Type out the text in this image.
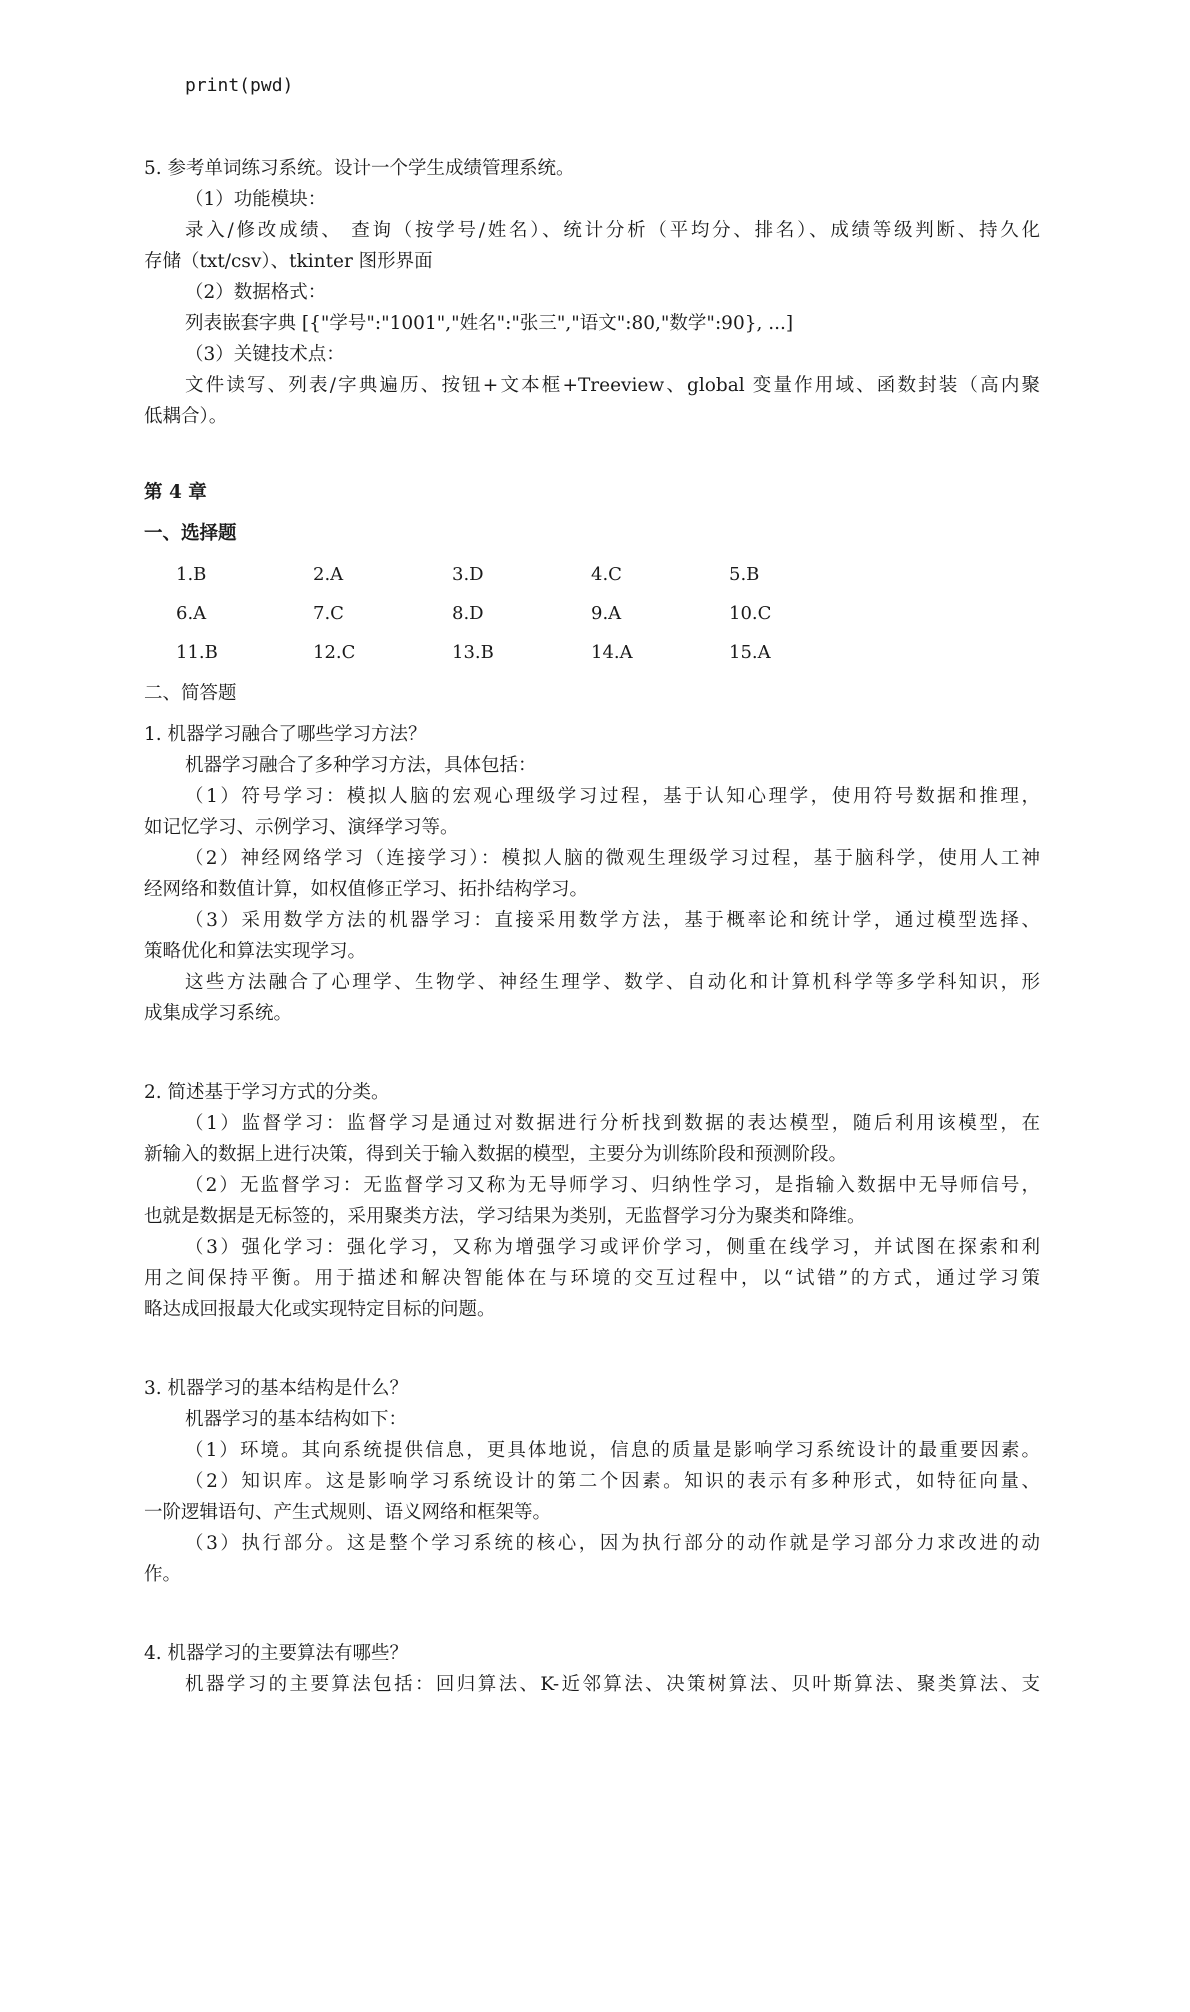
print(pwd)
5. 参考单词练习系统。设计一个学生成绩管理系统。
（1）功能模块：
录入/修改成绩、 查询（按学号/姓名）、统计分析（平均分、排名）、成绩等级判断、持久化
存储（txt/csv）、tkinter 图形界面
（2）数据格式：
列表嵌套字典 [{"学号":"1001","姓名":"张三","语文":80,"数学":90}, ...]
（3）关键技术点：
文件读写、列表/字典遍历、按钮+文本框+Treeview、global 变量作用域、函数封装（高内聚
低耦合）。
第 4 章
一、选择题
1.B	2.A	3.D	4.C	5.B
6.A	7.C	8.D	9.A	10.C
11.B	12.C	13.B	14.A	15.A
二、简答题
1. 机器学习融合了哪些学习方法？
机器学习融合了多种学习方法，具体包括：
（1）符号学习：模拟人脑的宏观心理级学习过程，基于认知心理学，使用符号数据和推理，
如记忆学习、示例学习、演绎学习等。
（2）神经网络学习（连接学习）：模拟人脑的微观生理级学习过程，基于脑科学，使用人工神
经网络和数值计算，如权值修正学习、拓扑结构学习。
（3）采用数学方法的机器学习：直接采用数学方法，基于概率论和统计学，通过模型选择、
策略优化和算法实现学习。
这些方法融合了心理学、生物学、神经生理学、数学、自动化和计算机科学等多学科知识，形
成集成学习系统。
2. 简述基于学习方式的分类。
（1）监督学习：监督学习是通过对数据进行分析找到数据的表达模型，随后利用该模型，在
新输入的数据上进行决策，得到关于输入数据的模型，主要分为训练阶段和预测阶段。
（2）无监督学习：无监督学习又称为无导师学习、归纳性学习，是指输入数据中无导师信号，
也就是数据是无标签的，采用聚类方法，学习结果为类别，无监督学习分为聚类和降维。
（3）强化学习：强化学习，又称为增强学习或评价学习，侧重在线学习，并试图在探索和利
用之间保持平衡。用于描述和解决智能体在与环境的交互过程中，以“试错”的方式，通过学习策
略达成回报最大化或实现特定目标的问题。
3. 机器学习的基本结构是什么？
机器学习的基本结构如下：
（1）环境。其向系统提供信息，更具体地说，信息的质量是影响学习系统设计的最重要因素。
（2）知识库。这是影响学习系统设计的第二个因素。知识的表示有多种形式，如特征向量、
一阶逻辑语句、产生式规则、语义网络和框架等。
（3）执行部分。这是整个学习系统的核心，因为执行部分的动作就是学习部分力求改进的动
作。
4. 机器学习的主要算法有哪些？
机器学习的主要算法包括：回归算法、K-近邻算法、决策树算法、贝叶斯算法、聚类算法、支
